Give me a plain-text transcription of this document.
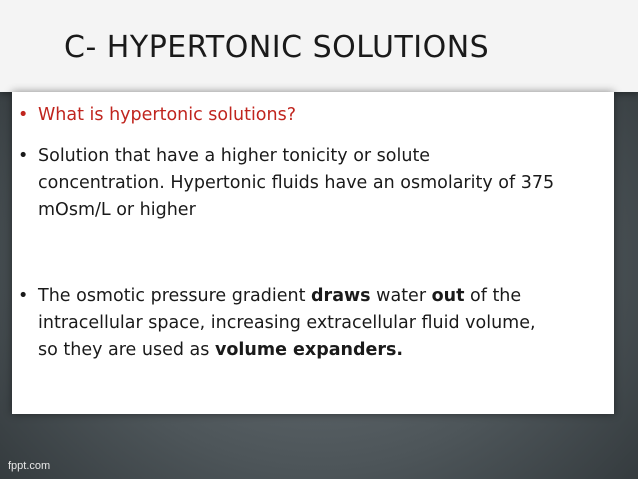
C- HYPERTONIC SOLUTIONS
• What is hypertonic solutions?
• Solution that have a higher tonicity or solute concentration. Hypertonic fluids have an osmolarity of 375 mOsm/L or higher
• The osmotic pressure gradient draws water out of the intracellular space, increasing extracellular fluid volume, so they are used as volume expanders.
fppt.com
